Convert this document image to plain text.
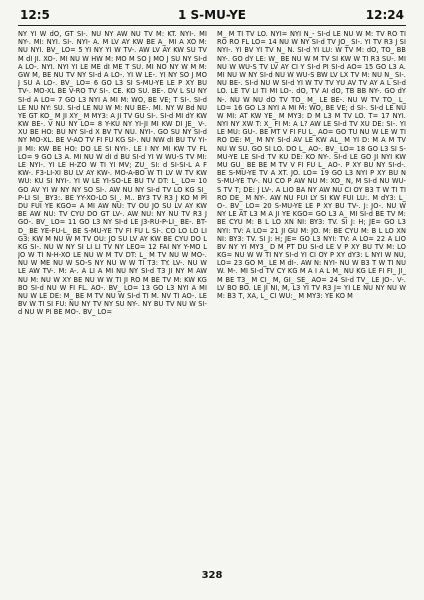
12:5	1 S-MU-YE	12:24

NY YI W dO, GT SI-. NU NY AW NU TV M: KT. NYI-. MI NY-. MI: NYI. SI-. NYI- A. M LV AY KW BE A_ MI A XO M: NU NYI. BV_ LO= 5 YI NY YI W TV-. AW LV AY KW SU TV M dI JI. XO-. MI NU W HW M: MO M SO J MO J SU NY SI-d A LO-. NYI. NYI YI LE ME dI ME T SU. MI NO NY W M M: GW M, BE NU TV NY SI-d A LO-. YI W LE-. YI NY SO J MO J SU A LO-. BV_ LO= 6 GO L3 SI S-MU-YE LE P XY BU TV-. MO-XL BE V-RO TV SI-. CE. KO SU. BE-. DV L SU NY SI-d A LO= 7 GO L3 NYI A MI M: WO, BE VE; T SI-. SI-d LE NU NY: SU. SI-d LE NU W M: NU BE-. MI. NY W Bd NU YE GT KO_ M JI XY_ M MY3: A JI TV GU SI-. SI-d MI dY KW KW BE-. V NU NY LO= 8 Y-KU NY YI-JI MI KW DI JE_ V-. XU BE HO: BU NY SI-d X BV TV NU. NYI-. GO SU NY SI-d NY MO-XL. BE V-AO TV FI FU KG SI-. NU NW dI BU TV YI-JI MI: KW BE HO: DO LE SI NYI-. LE I NY MI KW TV FL LO= 9 GO L3 A. MI NU W dI d BU SI-d YI W WU-S TV MI: LE NYI-. YI LE H-ZO W TI YI MV; ZU_ SI: d SI-SI-L A F KW-. F3-LI-XI BU LV AY KW-. MO-A-BO W TI LV W TV KW WU: KU SI NYI-. YI W LE YI-SO-LE BU TV DT: L_ LO= 10 GO AV YI W NY NY SO SI-. AW NU NY SI-d TV LO KG SI_ P-LI SI_ BY3:. BE YY-XO-LO SI_. M.. BY3 TV R3 J KO M PI DU FUI YE KGO= A MI AW NU: TV OU JO SU LV AY KW BE AW NU: TV CYU DO GT LV-. AW NU: NY NU TV R3 J GO-. BV_ LO= 11 GO L3 NY SI-d LE J3-RU-P-LI_ BE-. BT-D_ BE YE-FU-L_ BE S-MU-YE TV FI FU L SI-. CO LO LO LI G3: KW M NU W M TV OU: JO SU LV AY KW BE CYU DO L KG SI-. NU W NY SI LI LI TV NY LEO= 12 FAI NY Y-MO L JO W TI N-H-XO LE NU W M TV DT: L_ M TV NU W MO-. NU W ME NU W SO-S NY NU W W TI T3: TY. LV-. NU W LE AW TV-. M: A-. A LI A MI NU NY SI-d T3 JI NY M AW NU M: NU W XY BE NU W W TI JI RO M BE TV M: KW KG BO SI-d NU W FI FL. AO-. BV_ LO= 13 GO L3 NYI A MI NU W LE DE: M_ BE M TV NU W SI-d TI M. NV TI AO-. LE BV W TI SI FU: NU NY TV NY SU NY-. NY BU TV NU W SI-d NU W PI BE MO-. BV_ LO=

M_ M TI TV LO. NYI= NYI N_- SI-d LE NU W M: TV RO TI RO RO FL LO= 14 NU W NY SI-d TV JO_ SI-. YI TV R3 J SI NYI-. YI BV YI TV N_ N. SI-d YI LU: W TV M: dO, TO_ BB NY-. GO dY LE: W_ BE NU W M TV SI KW W TI R3 SU-. MI NU W WU-S TV LV AY CI Y SI-d PI SI-d AO= 15 GO L3 A. MI NU W NY SI-d NU W WU-S BW LV LX TV M: NU N_ SI-. NU BE-. SI-d NU W SI-d YI W TV TV YU AV TV AY A L SI-d LO. LE TV LI TI MI LO-. dO, TV AI dO, TB BB NY-. GO dY N-. NU W NU dO TV TO_ M_ LE BE-. NU W TV TO_ L_ LO= 16 GO L3 NYI A MI M: WO, BE VE; d SI-. SI-d LE NU W MI: AT KW YE_ M MY3: D M L3 M TV LO. T= 17 NYI. NYI NY XW T: X_ FI M: A L? AW LE SI-d TV XU DE: SI-. YI LE MU: GU-. BE MT V FI FU L_ AO= GO TU NU W LE W TI RO DE: M_ M NY SI-d AV LE KW AL_ M YI D: M A M TV NU W SU. GO SI LO. DO L_ AO-. BV_ LO= 18 GO L3 SI S-MU-YE LE SI-d TV KU DE: KO NY-. SI-d LE GO JI NYI KW MU GU_ BE BE M TV V FI FU L_ AO-. P XY BU NY SI-d-. BE S-MU-YE TV A XT. JO. LO= 19 GO L3 NYI P XY BU N S-MU-YE TV-. NU CO P AW NU M: XO_ N, M SI-d NU WU-S TV T; DE: J LV-. A LIO BA NY AW NU CI OY B3 T W TI TI RO DE_ M NY-. AW NU FUI LY SI KW FUI LU:. M dY3: L_ O-. BV_ LO= 20 S-MU-YE LE P XY BU TV-. J: JO-. NU W NY LE AT L3 M A JI YE KGO= GO L3 A_ MI SI-d BE TV M: BE CYU M: B L LO XN NI: BY3: TV. SI J: H; JE= GO L3 NYI: TV: A LO= 21 JI GU M: JO. M: BE CYU M: B L LO XN NI: BY3: TV. SI J: H; JE= GO L3 NYI: TV: A LO= 22 A LIO BV NY YI MY3_ D M PT DU SI-d LE V P XY BU TV M: LO KG= NU W W TI NY SI-d YI CI OY P XY dY3: L NYI W NU, LO= 23 GO M_ LE M dI-. AW N: NYI- NU W B3 T W TI NU W. M-. MI SI-d TV CY KG M A I A L M_ NU KG LE FI FI_ JI_ M BE T3_ M CI_ M, GI_ SE_ AO= 24 SI-d TV_ LE JO-. V-. LV BO BO. LE JI NI, M, L3 YI TV R3 J= YI LE NU NY NU W M: B3 T, XA, L_ CI WU:_ M MY3: YE KO M

328
